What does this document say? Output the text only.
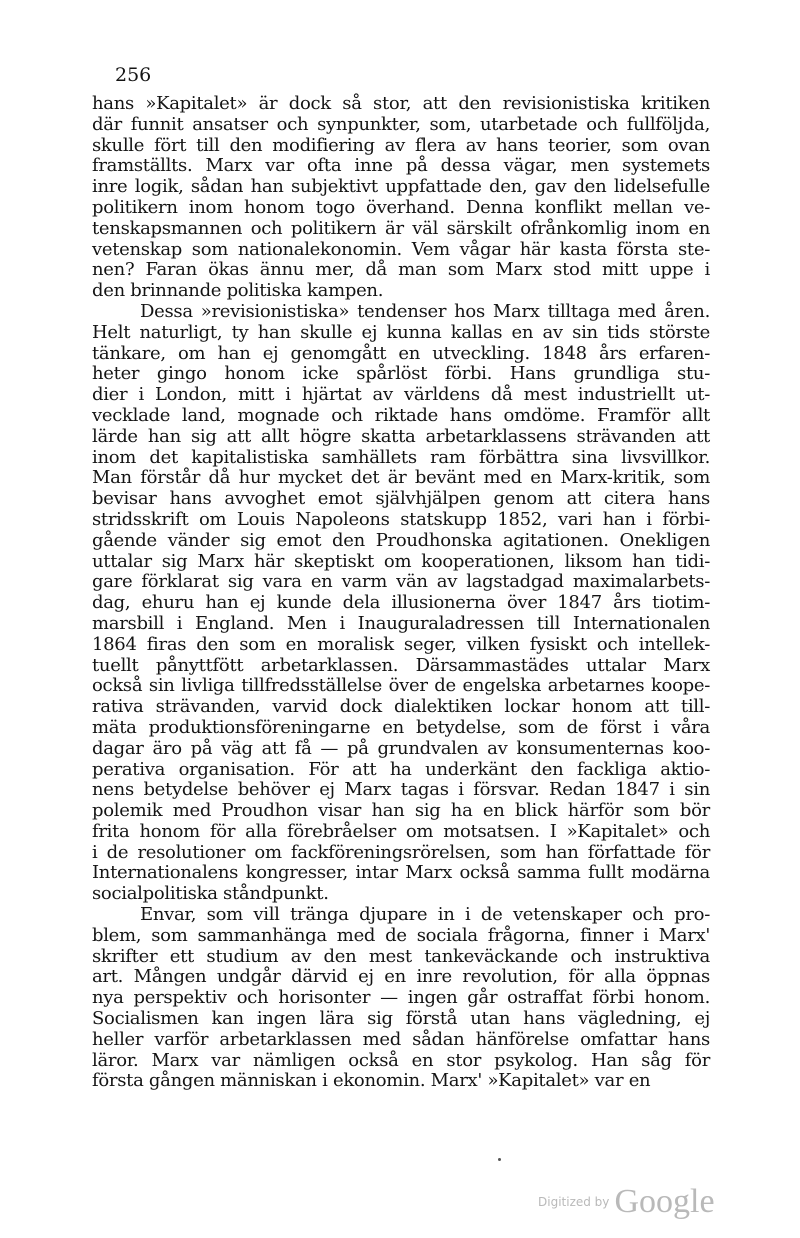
256
hans »Kapitalet» är dock så stor, att den revisionistiska kritiken
där funnit ansatser och synpunkter, som, utarbetade och fullföljda,
skulle fört till den modifiering av flera av hans teorier, som ovan
framställts. Marx var ofta inne på dessa vägar, men systemets
inre logik, sådan han subjektivt uppfattade den, gav den lidelsefulle
politikern inom honom togo överhand. Denna konflikt mellan ve-
tenskapsmannen och politikern är väl särskilt ofrånkomlig inom en
vetenskap som nationalekonomin. Vem vågar här kasta första ste-
nen? Faran ökas ännu mer, då man som Marx stod mitt uppe i
den brinnande politiska kampen.
Dessa »revisionistiska» tendenser hos Marx tilltaga med åren.
Helt naturligt, ty han skulle ej kunna kallas en av sin tids störste
tänkare, om han ej genomgått en utveckling. 1848 års erfaren-
heter gingo honom icke spårlöst förbi. Hans grundliga stu-
dier i London, mitt i hjärtat av världens då mest industriellt ut-
vecklade land, mognade och riktade hans omdöme. Framför allt
lärde han sig att allt högre skatta arbetarklassens strävanden att
inom det kapitalistiska samhällets ram förbättra sina livsvillkor.
Man förstår då hur mycket det är bevänt med en Marx-kritik, som
bevisar hans avvoghet emot självhjälpen genom att citera hans
stridsskrift om Louis Napoleons statskupp 1852, vari han i förbi-
gående vänder sig emot den Proudhonska agitationen. Onekligen
uttalar sig Marx här skeptiskt om kooperationen, liksom han tidi-
gare förklarat sig vara en varm vän av lagstadgad maximalarbets-
dag, ehuru han ej kunde dela illusionerna över 1847 års tiotim-
marsbill i England. Men i Inauguraladressen till Internationalen
1864 firas den som en moralisk seger, vilken fysiskt och intellek-
tuellt pånyttfött arbetarklassen. Därsammastädes uttalar Marx
också sin livliga tillfredsställelse över de engelska arbetarnes koope-
rativa strävanden, varvid dock dialektiken lockar honom att till-
mäta produktionsföreningarne en betydelse, som de först i våra
dagar äro på väg att få — på grundvalen av konsumenternas koo-
perativa organisation. För att ha underkänt den fackliga aktio-
nens betydelse behöver ej Marx tagas i försvar. Redan 1847 i sin
polemik med Proudhon visar han sig ha en blick härför som bör
frita honom för alla förebråelser om motsatsen. I »Kapitalet» och
i de resolutioner om fackföreningsrörelsen, som han författade för
Internationalens kongresser, intar Marx också samma fullt modärna
socialpolitiska ståndpunkt.
Envar, som vill tränga djupare in i de vetenskaper och pro-
blem, som sammanhänga med de sociala frågorna, finner i Marx'
skrifter ett studium av den mest tankeväckande och instruktiva
art. Mången undgår därvid ej en inre revolution, för alla öppnas
nya perspektiv och horisonter — ingen går ostraffat förbi honom.
Socialismen kan ingen lära sig förstå utan hans vägledning, ej
heller varför arbetarklassen med sådan hänförelse omfattar hans
läror. Marx var nämligen också en stor psykolog. Han såg för
första gången människan i ekonomin. Marx' »Kapitalet» var en
$^{Digitized by}$ Google
